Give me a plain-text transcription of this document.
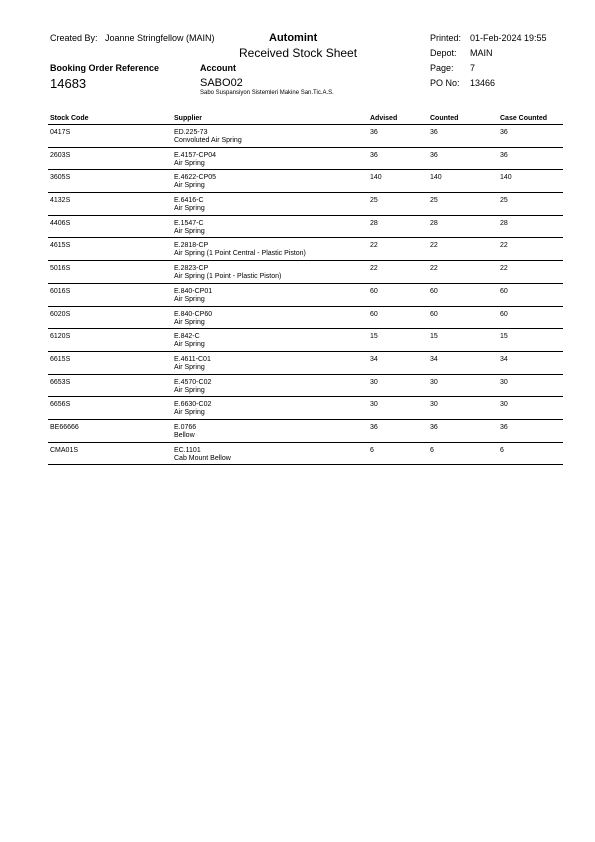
Created By: Joanne Stringfellow (MAIN)	Automint
Received Stock Sheet
Printed: 01-Feb-2024 19:55
Depot: MAIN
Page: 7
PO No: 13466
Booking Order Reference
14683
Account
SABO02
Sabo Suspansiyon Sistemleri Makine San.Tic.A.S.
Stock Code	Supplier	Advised	Counted	Case Counted
0417S	ED.225-73	36	36	36
Convoluted Air Spring
2603S	E.4157-CP04	36	36	36
Air Spring
3605S	E.4622-CP05	140	140	140
Air Spring
4132S	E.6416-C	25	25	25
Air Spring
4406S	E.1547-C	28	28	28
Air Spring
4615S	E.2818-CP	22	22	22
Air Spring (1 Point Central - Plastic Piston)
5016S	E.2823-CP	22	22	22
Air Spring (1 Point - Plastic Piston)
6016S	E.840-CP01	60	60	60
Air Spring
6020S	E.840-CP60	60	60	60
Air Spring
6120S	E.842-C	15	15	15
Air Spring
6615S	E.4611-C01	34	34	34
Air Spring
6653S	E.4570-C02	30	30	30
Air Spring
6656S	E.6630-C02	30	30	30
Air Spring
BE66666	E.0766	36	36	36
Bellow
CMA01S	EC.1101	6	6	6
Cab Mount Bellow
